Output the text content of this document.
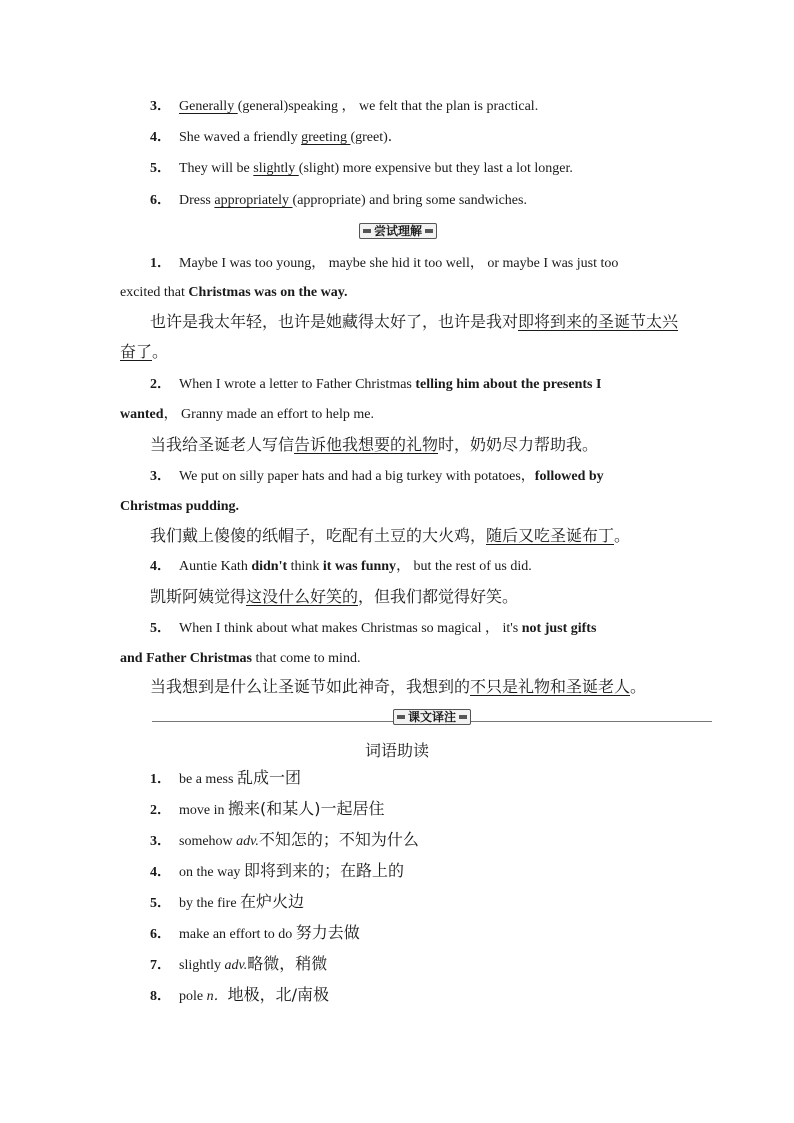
3． Generally (general)speaking ， we felt that the plan is practical.
4． She waved a friendly greeting (greet)．
5． They will be slightly (slight) more expensive but they last a lot longer.
6． Dress appropriately (appropriate) and bring some sandwiches.
尝试理解
1． Maybe I was too young， maybe she hid it too well， or maybe I was just too
excited that Christmas was on the way.
也许是我太年轻，也许是她藏得太好了，也许是我对即将到来的圣诞节太兴
奋了。
2． When I wrote a letter to Father Christmas telling him about the presents I
wanted， Granny made an effort to help me.
当我给圣诞老人写信告诉他我想要的礼物时，奶奶尽力帮助我。
3． We put on silly paper hats and had a big turkey with potatoes，followed by
Christmas pudding.
我们戴上傻傻的纸帽子，吃配有土豆的大火鸡，随后又吃圣诞布丁。
4． Auntie Kath didn't think it was funny， but the rest of us did.
凯斯阿姨觉得这没什么好笑的，但我们都觉得好笑。
5． When I think about what makes Christmas so magical ， it's not just gifts
and Father Christmas that come to mind.
当我想到是什么让圣诞节如此神奇，我想到的不只是礼物和圣诞老人。
课文译注
词语助读
1． be a mess 乱成一团
2． move in 搬来(和某人)一起居住
3． somehow adv.不知怎的；不知为什么
4． on the way 即将到来的；在路上的
5． by the fire 在炉火边
6． make an effort to do 努力去做
7． slightly adv.略微，稍微
8． pole n．地极，北/南极
